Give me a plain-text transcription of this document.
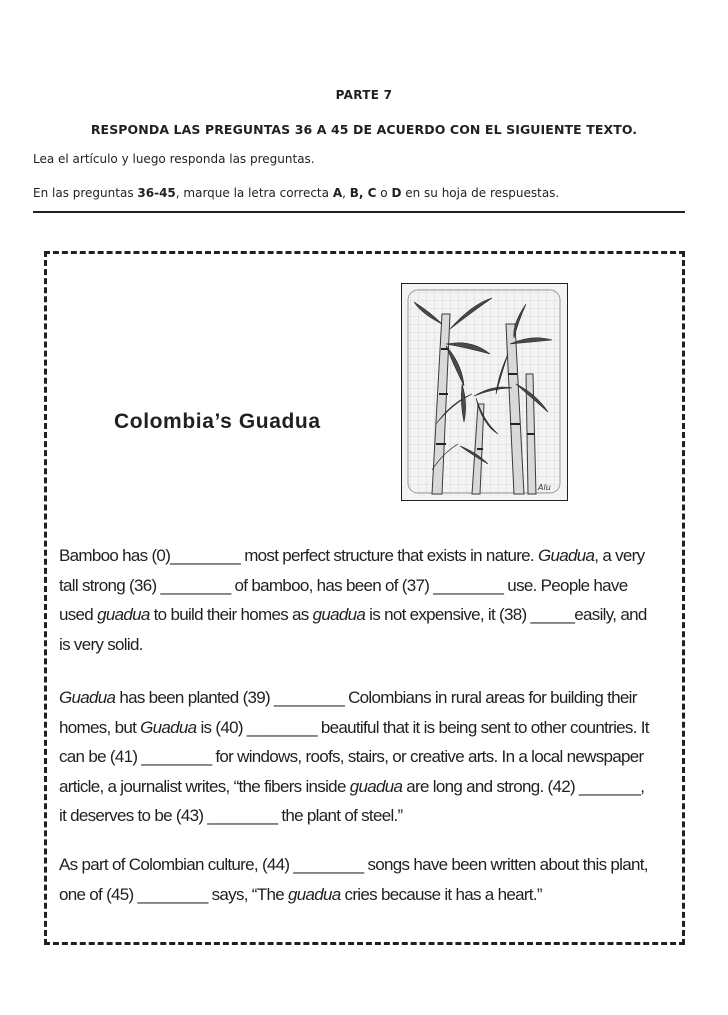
PARTE 7
RESPONDA LAS PREGUNTAS 36 A 45 DE ACUERDO CON EL SIGUIENTE TEXTO.
Lea el artículo y luego responda las preguntas.
En las preguntas 36-45, marque la letra correcta A, B, C o D en su hoja de respuestas.
Colombia’s Guadua
Alu
Bamboo has (0)________ most perfect structure that exists in nature. Guadua, a very
tall strong (36) ________ of bamboo, has been of (37) ________ use. People have
used guadua to build their homes as guadua is not expensive, it (38) _____easily, and
is very solid.
Guadua has been planted (39) ________ Colombians in rural areas for building their
homes, but Guadua is (40) ________ beautiful that it is being sent to other countries. It
can be (41) ________ for windows, roofs, stairs, or creative arts. In a local newspaper
article, a journalist writes, “the fibers inside guadua are long and strong. (42) _______,
it deserves to be (43) ________ the plant of steel.”
As part of Colombian culture, (44) ________ songs have been written about this plant,
one of (45) ________ says, “The guadua cries because it has a heart.”
